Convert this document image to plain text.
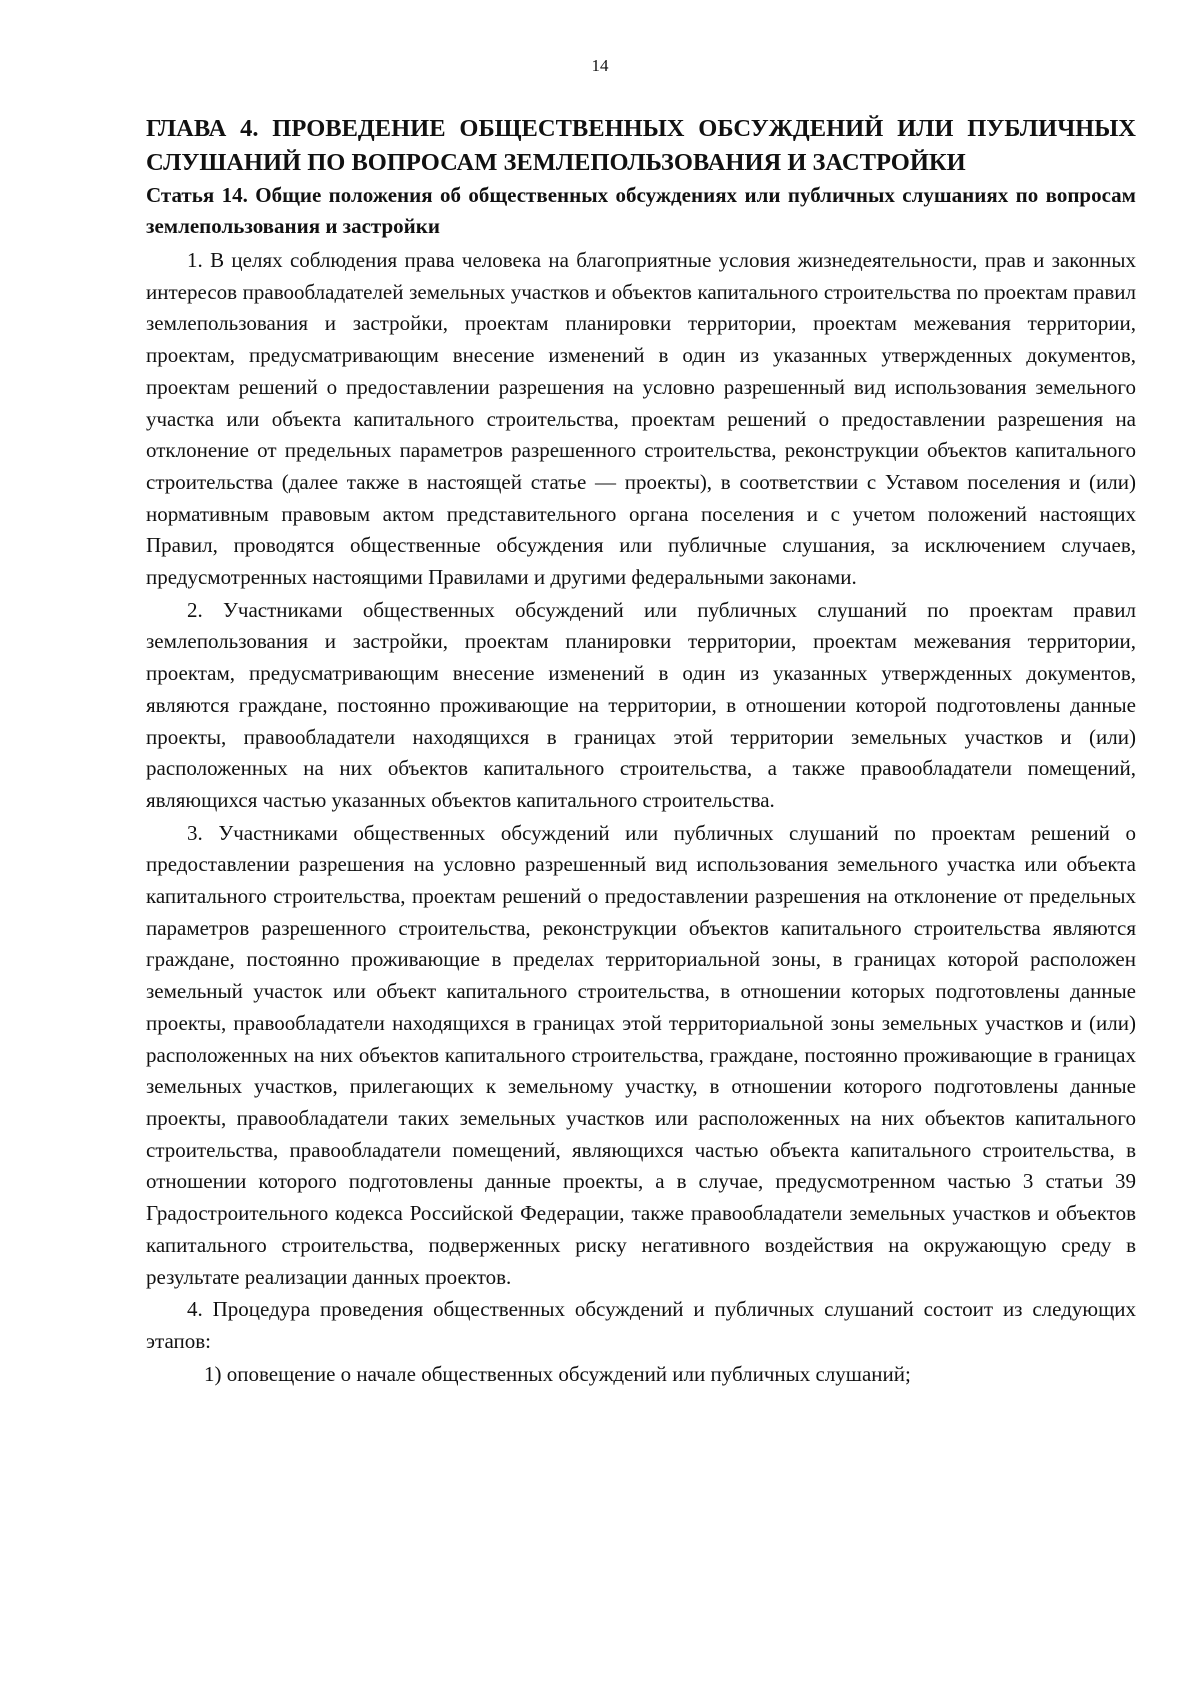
14
ГЛАВА 4. ПРОВЕДЕНИЕ ОБЩЕСТВЕННЫХ ОБСУЖДЕНИЙ ИЛИ ПУБЛИЧНЫХ СЛУШАНИЙ ПО ВОПРОСАМ ЗЕМЛЕПОЛЬЗОВАНИЯ И ЗАСТРОЙКИ
Статья 14. Общие положения об общественных обсуждениях или публичных слушаниях по вопросам землепользования и застройки

1. В целях соблюдения права человека на благоприятные условия жизнедеятельности, прав и законных интересов правообладателей земельных участков и объектов капитального строительства по проектам правил землепользования и застройки, проектам планировки территории, проектам межевания территории, проектам, предусматривающим внесение изменений в один из указанных утвержденных документов, проектам решений о предоставлении разрешения на условно разрешенный вид использования земельного участка или объекта капитального строительства, проектам решений о предоставлении разрешения на отклонение от предельных параметров разрешенного строительства, реконструкции объектов капитального строительства (далее также в настоящей статье — проекты), в соответствии с Уставом поселения и (или) нормативным правовым актом представительного органа поселения и с учетом положений настоящих Правил, проводятся общественные обсуждения или публичные слушания, за исключением случаев, предусмотренных настоящими Правилами и другими федеральными законами.

2. Участниками общественных обсуждений или публичных слушаний по проектам правил землепользования и застройки, проектам планировки территории, проектам межевания территории, проектам, предусматривающим внесение изменений в один из указанных утвержденных документов, являются граждане, постоянно проживающие на территории, в отношении которой подготовлены данные проекты, правообладатели находящихся в границах этой территории земельных участков и (или) расположенных на них объектов капитального строительства, а также правообладатели помещений, являющихся частью указанных объектов капитального строительства.

3. Участниками общественных обсуждений или публичных слушаний по проектам решений о предоставлении разрешения на условно разрешенный вид использования земельного участка или объекта капитального строительства, проектам решений о предоставлении разрешения на отклонение от предельных параметров разрешенного строительства, реконструкции объектов капитального строительства являются граждане, постоянно проживающие в пределах территориальной зоны, в границах которой расположен земельный участок или объект капитального строительства, в отношении которых подготовлены данные проекты, правообладатели находящихся в границах этой территориальной зоны земельных участков и (или) расположенных на них объектов капитального строительства, граждане, постоянно проживающие в границах земельных участков, прилегающих к земельному участку, в отношении которого подготовлены данные проекты, правообладатели таких земельных участков или расположенных на них объектов капитального строительства, правообладатели помещений, являющихся частью объекта капитального строительства, в отношении которого подготовлены данные проекты, а в случае, предусмотренном частью 3 статьи 39 Градостроительного кодекса Российской Федерации, также правообладатели земельных участков и объектов капитального строительства, подверженных риску негативного воздействия на окружающую среду в результате реализации данных проектов.

4. Процедура проведения общественных обсуждений и публичных слушаний состоит из следующих этапов:

1) оповещение о начале общественных обсуждений или публичных слушаний;
